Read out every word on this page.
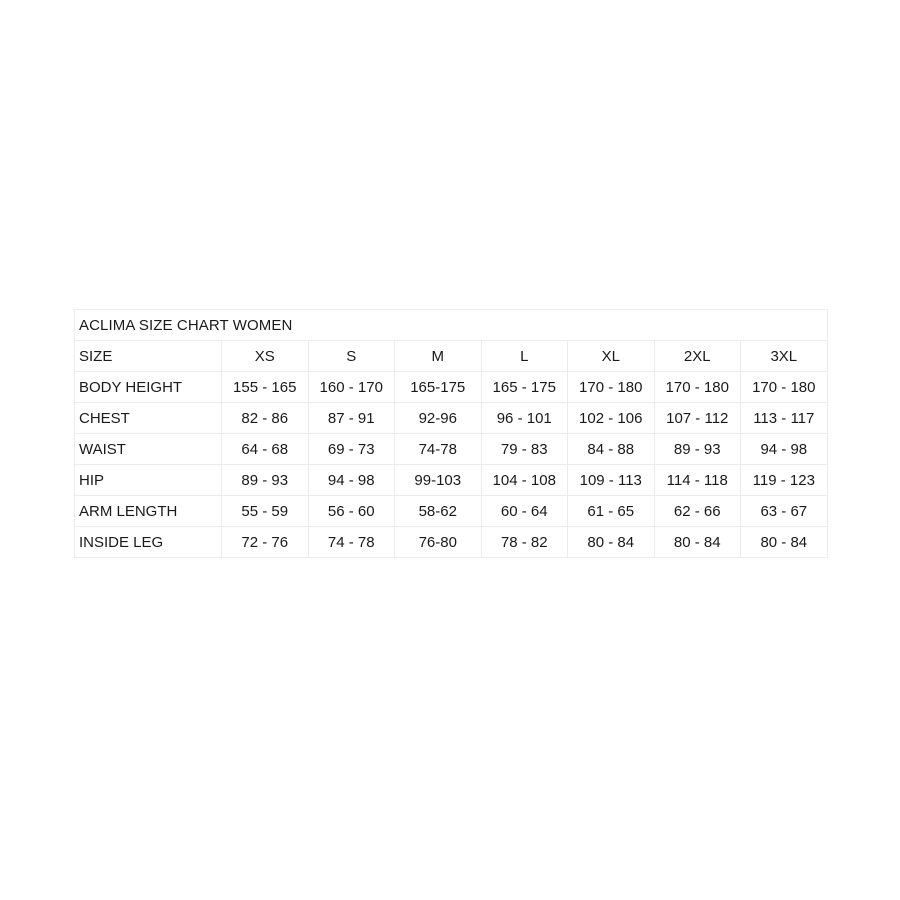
ACLIMA SIZE CHART WOMEN							
SIZE	XS	S	M	L	XL	2XL	3XL
BODY HEIGHT	155 - 165	160 - 170	165-175	165 - 175	170 - 180	170 - 180	170 - 180
CHEST	82 - 86	87 - 91	92-96	96 - 101	102 - 106	107 - 112	113 - 117
WAIST	64 - 68	69 - 73	74-78	79 - 83	84 - 88	89 - 93	94 - 98
HIP	89 - 93	94 - 98	99-103	104 - 108	109 - 113	114 - 118	119 - 123
ARM LENGTH	55 - 59	56 - 60	58-62	60 - 64	61 - 65	62 - 66	63 - 67
INSIDE LEG	72 - 76	74 - 78	76-80	78 - 82	80 - 84	80 - 84	80 - 84
